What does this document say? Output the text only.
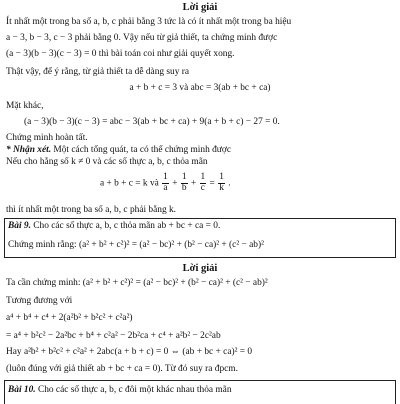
Lời giải
Ít nhất một trong ba số a, b, c phải bằng 3 tức là có ít nhất một trong ba hiệu
a − 3, b − 3, c − 3 phải bằng 0. Vậy nếu từ giả thiết, ta chứng minh được
(a − 3)(b − 3)(c − 3) = 0 thì bài toán coi như giải quyết xong.
Thật vậy, để ý rằng, từ giả thiết ta dễ dàng suy ra
a + b + c = 3 và abc = 3(ab + bc + ca)
Mặt khác,
(a − 3)(b − 3)(c − 3) = abc − 3(ab + bc + ca) + 9(a + b + c) − 27 = 0.
Chứng minh hoàn tất.
* Nhận xét. Một cách tổng quát, ta có thể chứng minh được
Nếu cho hằng số k ≠ 0 và các số thực a, b, c thỏa mãn
a + b + c = k và $\frac{1}{a} + \frac{1}{b} + \frac{1}{c} = \frac{1}{k}$ .
thì ít nhất một trong ba số a, b, c phải bằng k.
Bài 9. Cho các số thực a, b, c thỏa mãn ab + bc + ca = 0.
Chứng minh rằng: (a² + b² + c²)² = (a² − bc)² + (b² − ca)² + (c² − ab)²
Lời giải
Ta cần chứng minh: (a² + b² + c²)² = (a² − bc)² + (b² − ca)² + (c² − ab)²
Tương đương với
a⁴ + b⁴ + c⁴ + 2(a²b² + b²c² + c²a²)
= a⁴ + b²c² − 2a²bc + b⁴ + c²a² − 2b²ca + c⁴ + a²b² − 2c²ab
Hay a²b² + b²c² + c²a² + 2abc(a + b + c) = 0 ⇔ (ab + bc + ca)² = 0
(luôn đúng với giả thiết ab + bc + ca = 0). Từ đó suy ra đpcm.
Bài 10. Cho các số thực a, b, c đôi một khác nhau thỏa mãn
